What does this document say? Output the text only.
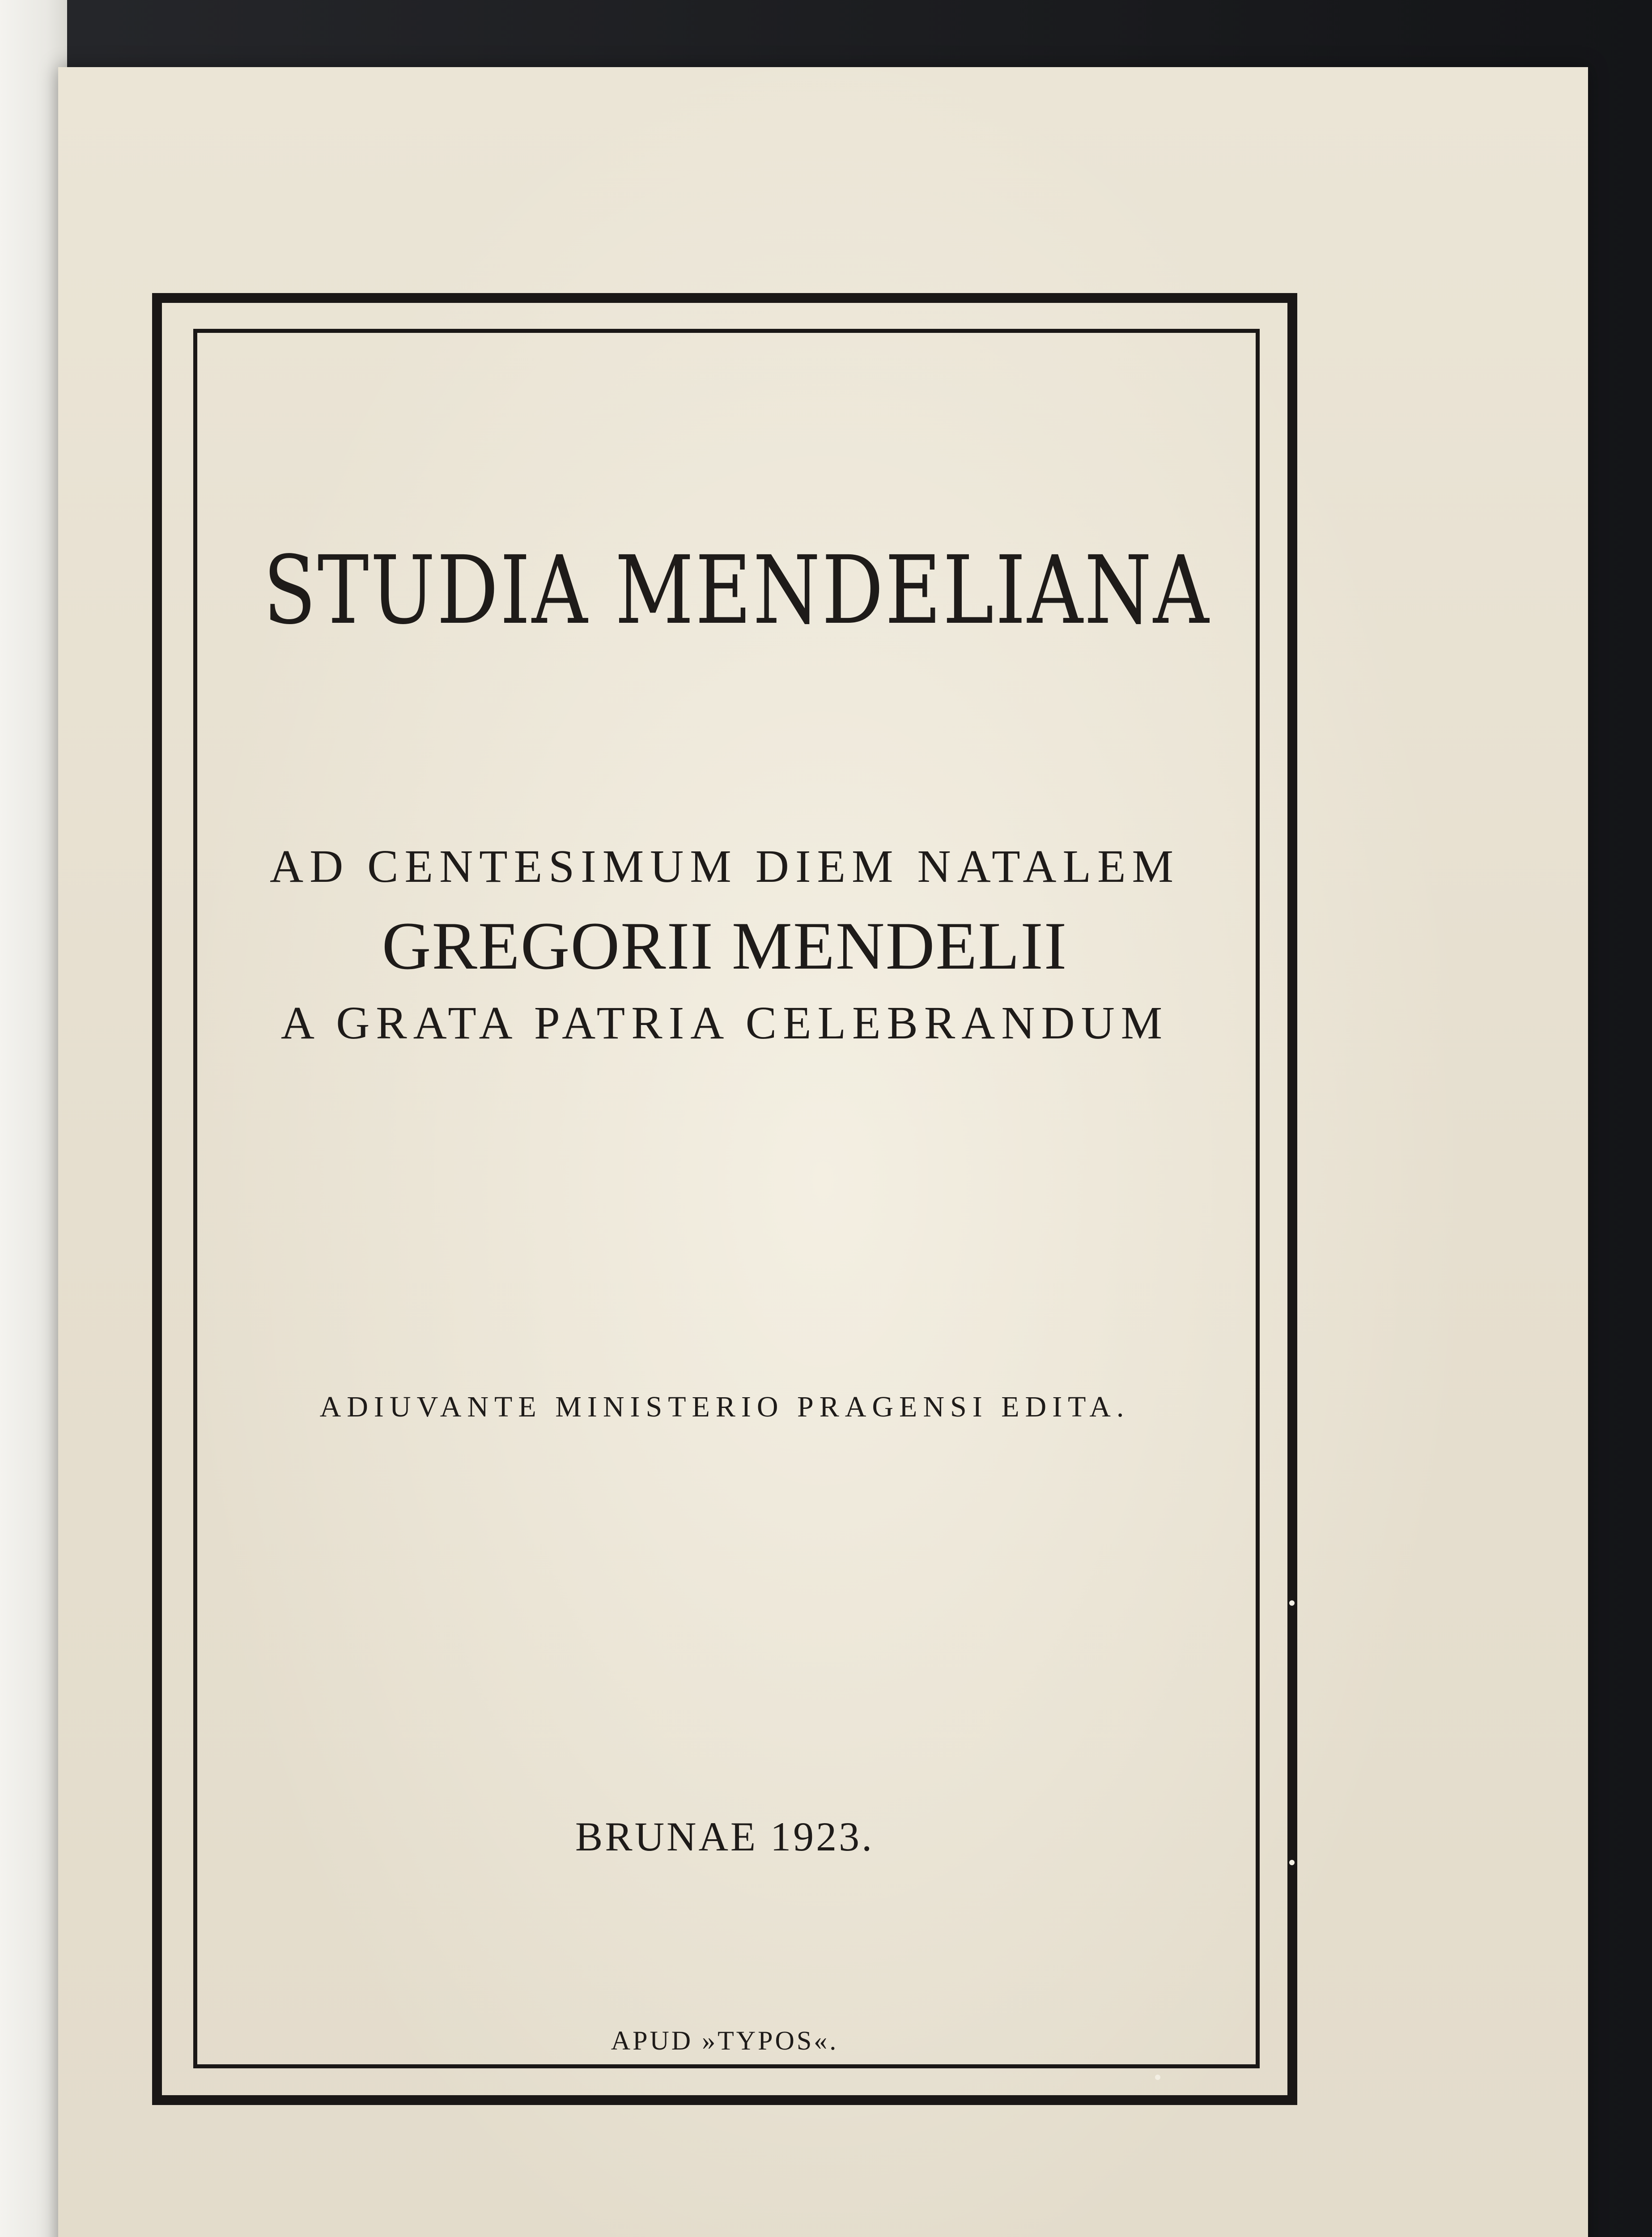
STUDIA MENDELIANA
AD CENTESIMUM DIEM NATALEM
GREGORII MENDELII
A GRATA PATRIA CELEBRANDUM
ADIUVANTE MINISTERIO PRAGENSI EDITA.
BRUNAE 1923.
APUD »TYPOS«.
